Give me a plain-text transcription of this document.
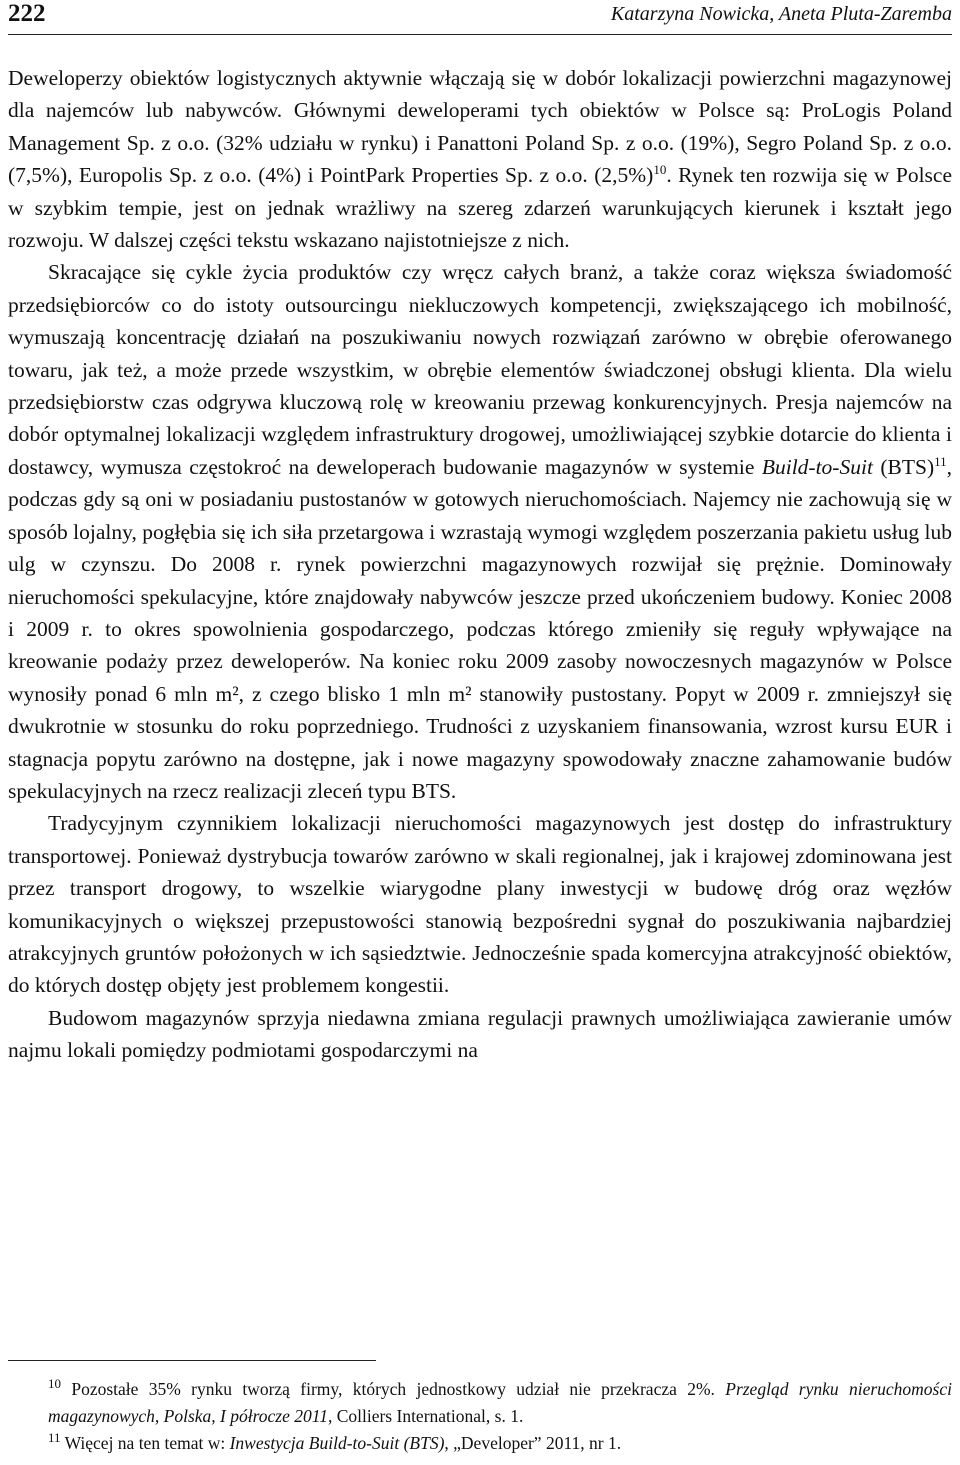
222	Katarzyna Nowicka, Aneta Pluta-Zaremba

Deweloperzy obiektów logistycznych aktywnie włączają się w dobór lokalizacji powierzchni magazynowej dla najemców lub nabywców. Głównymi deweloperami tych obiektów w Polsce są: ProLogis Poland Management Sp. z o.o. (32% udziału w rynku) i Panattoni Poland Sp. z o.o. (19%), Segro Poland Sp. z o.o. (7,5%), Europolis Sp. z o.o. (4%) i PointPark Properties Sp. z o.o. $(2,5\%)^{10}$. Rynek ten rozwija się w Polsce w szybkim tempie, jest on jednak wrażliwy na szereg zdarzeń warunkujących kierunek i kształt jego rozwoju. W dalszej części tekstu wskazano najistotniejsze z nich.

Skracające się cykle życia produktów czy wręcz całych branż, a także coraz większa świadomość przedsiębiorców co do istoty outsourcingu niekluczowych kompetencji, zwiększającego ich mobilność, wymuszają koncentrację działań na poszukiwaniu nowych rozwiązań zarówno w obrębie oferowanego towaru, jak też, a może przede wszystkim, w obrębie elementów świadczonej obsługi klienta. Dla wielu przedsiębiorstw czas odgrywa kluczową rolę w kreowaniu przewag konkurencyjnych. Presja najemców na dobór optymalnej lokalizacji względem infrastruktury drogowej, umożliwiającej szybkie dotarcie do klienta i dostawcy, wymusza częstokroć na deweloperach budowanie magazynów w systemie Build-to-Suit (BTS)$^{11}$, podczas gdy są oni w posiadaniu pustostanów w gotowych nieruchomościach. Najemcy nie zachowują się w sposób lojalny, pogłębia się ich siła przetargowa i wzrastają wymogi względem poszerzania pakietu usług lub ulg w czynszu. Do 2008 r. rynek powierzchni magazynowych rozwijał się prężnie. Dominowały nieruchomości spekulacyjne, które znajdowały nabywców jeszcze przed ukończeniem budowy. Koniec 2008 i 2009 r. to okres spowolnienia gospodarczego, podczas którego zmieniły się reguły wpływające na kreowanie podaży przez deweloperów. Na koniec roku 2009 zasoby nowoczesnych magazynów w Polsce wynosiły ponad 6 mln m², z czego blisko 1 mln m² stanowiły pustostany. Popyt w 2009 r. zmniejszył się dwukrotnie w stosunku do roku poprzedniego. Trudności z uzyskaniem finansowania, wzrost kursu EUR i stagnacja popytu zarówno na dostępne, jak i nowe magazyny spowodowały znaczne zahamowanie budów spekulacyjnych na rzecz realizacji zleceń typu BTS.

Tradycyjnym czynnikiem lokalizacji nieruchomości magazynowych jest dostęp do infrastruktury transportowej. Ponieważ dystrybucja towarów zarówno w skali regionalnej, jak i krajowej zdominowana jest przez transport drogowy, to wszelkie wiarygodne plany inwestycji w budowę dróg oraz węzłów komunikacyjnych o większej przepustowości stanowią bezpośredni sygnał do poszukiwania najbardziej atrakcyjnych gruntów położonych w ich sąsiedztwie. Jednocześnie spada komercyjna atrakcyjność obiektów, do których dostęp objęty jest problemem kongestii.

Budowom magazynów sprzyja niedawna zmiana regulacji prawnych umożliwiająca zawieranie umów najmu lokali pomiędzy podmiotami gospodarczymi na

$^{10}$ Pozostałe 35% rynku tworzą firmy, których jednostkowy udział nie przekracza 2%. Przegląd rynku nieruchomości magazynowych, Polska, I półrocze 2011, Colliers International, s. 1.

$^{11}$ Więcej na ten temat w: Inwestycja Build-to-Suit (BTS), „Developer” 2011, nr 1.
